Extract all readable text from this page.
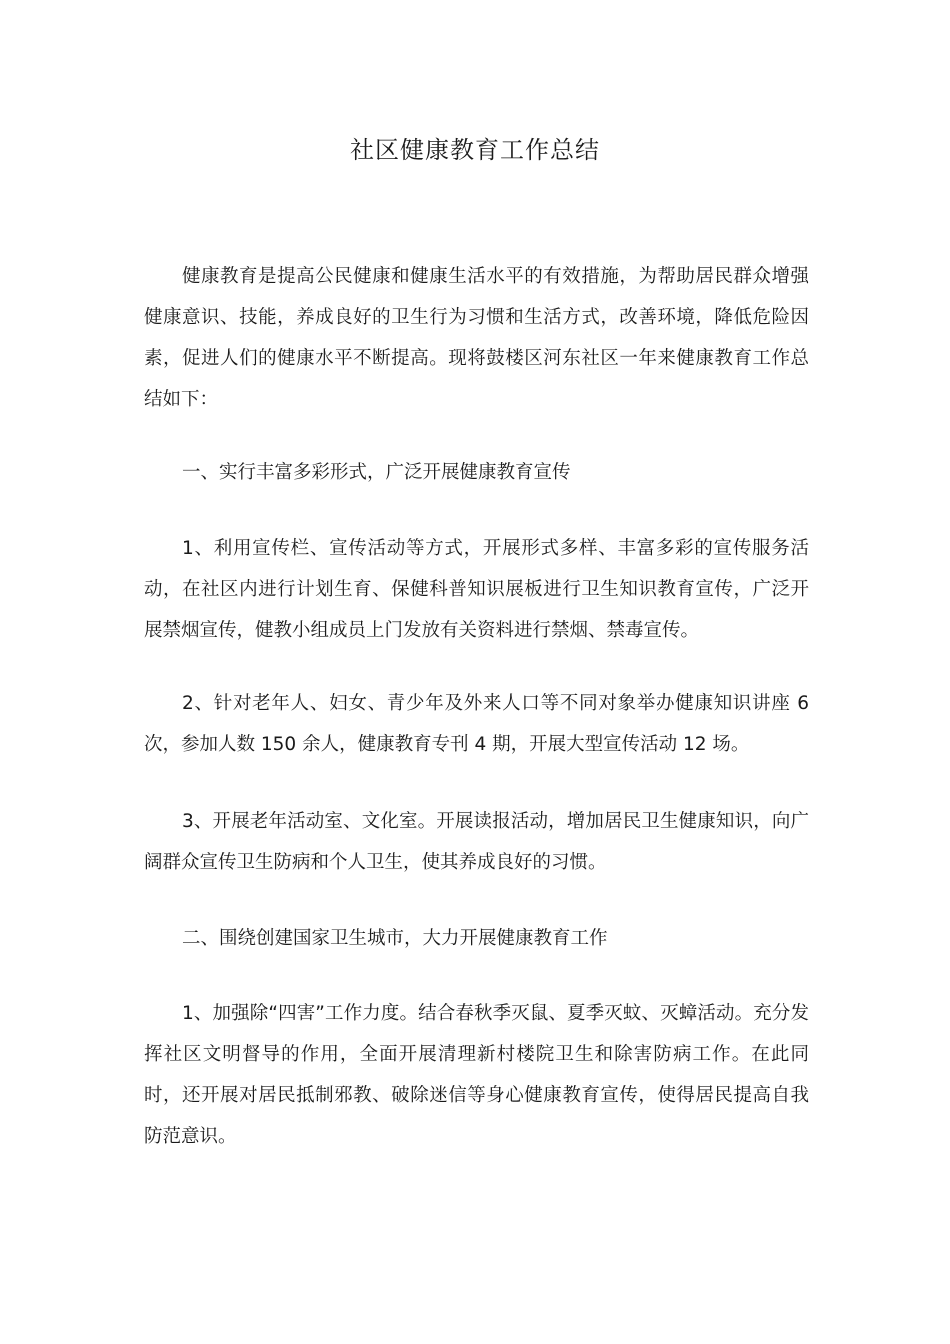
社区健康教育工作总结

健康教育是提高公民健康和健康生活水平的有效措施，为帮助居民群众增强健康意识、技能，养成良好的卫生行为习惯和生活方式，改善环境，降低危险因素，促进人们的健康水平不断提高。现将鼓楼区河东社区一年来健康教育工作总结如下：

一、实行丰富多彩形式，广泛开展健康教育宣传

1、利用宣传栏、宣传活动等方式，开展形式多样、丰富多彩的宣传服务活动，在社区内进行计划生育、保健科普知识展板进行卫生知识教育宣传，广泛开展禁烟宣传，健教小组成员上门发放有关资料进行禁烟、禁毒宣传。

2、针对老年人、妇女、青少年及外来人口等不同对象举办健康知识讲座 6 次，参加人数 150 余人，健康教育专刊 4 期，开展大型宣传活动 12 场。

3、开展老年活动室、文化室。开展读报活动，增加居民卫生健康知识，向广阔群众宣传卫生防病和个人卫生，使其养成良好的习惯。

二、围绕创建国家卫生城市，大力开展健康教育工作

1、加强除“四害”工作力度。结合春秋季灭鼠、夏季灭蚊、灭蟑活动。充分发挥社区文明督导的作用，全面开展清理新村楼院卫生和除害防病工作。在此同时，还开展对居民抵制邪教、破除迷信等身心健康教育宣传，使得居民提高自我防范意识。
